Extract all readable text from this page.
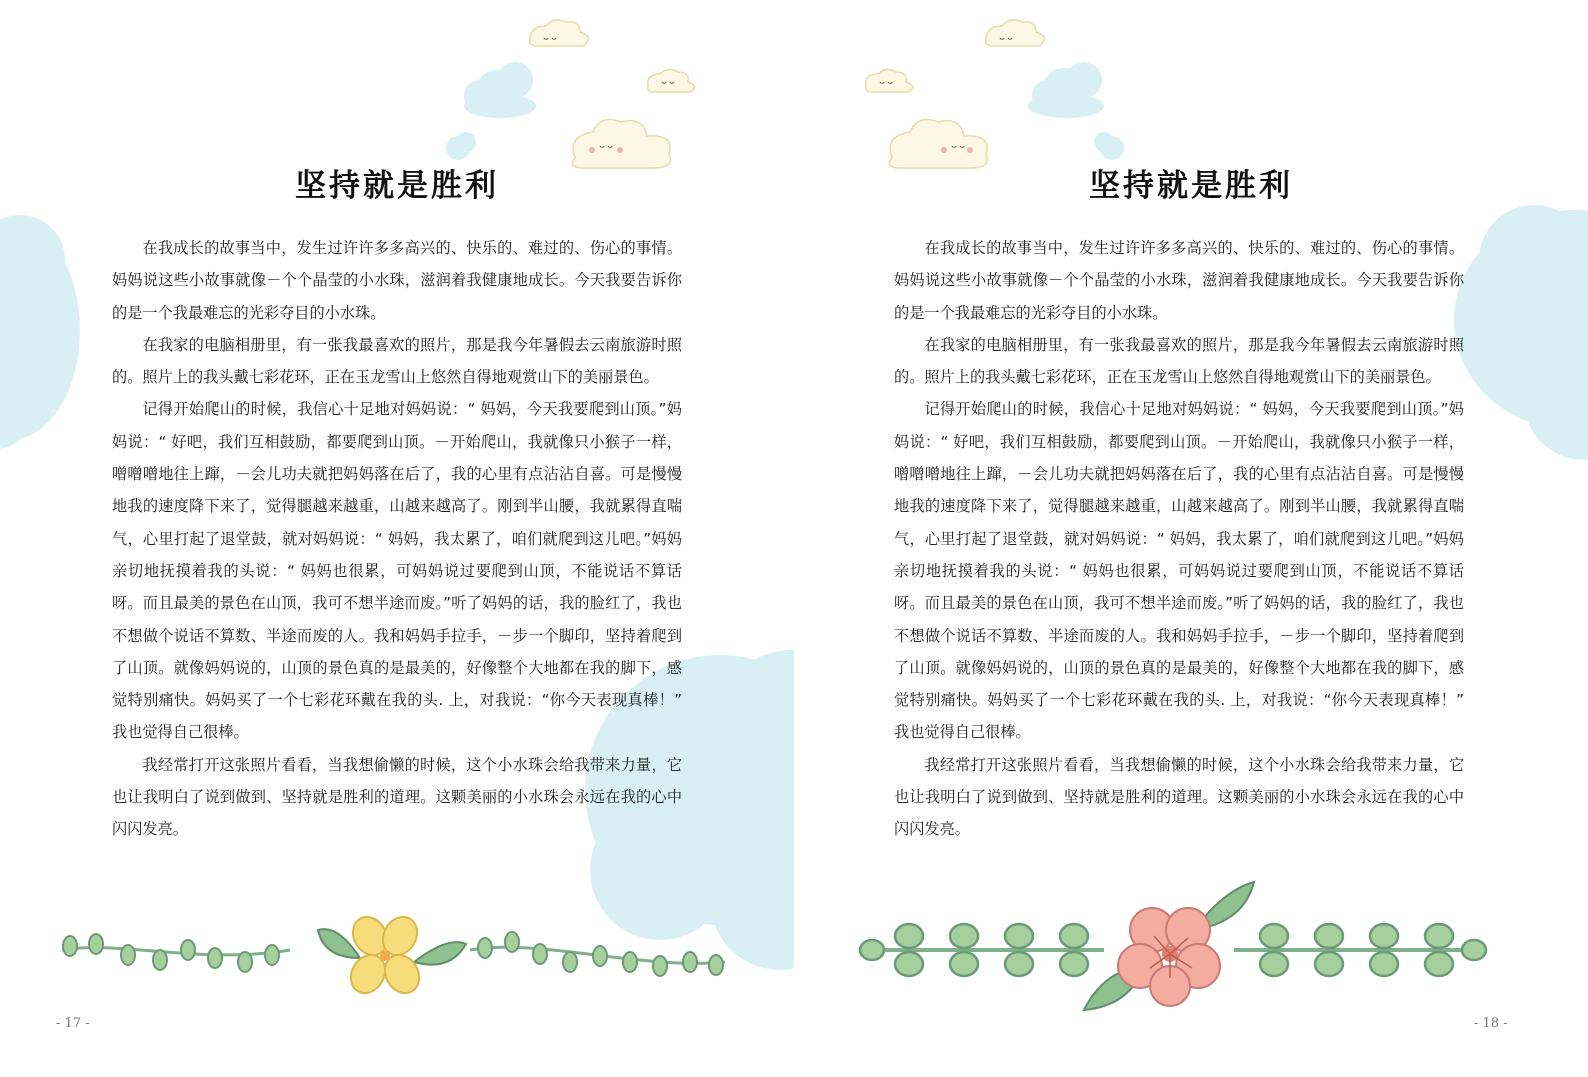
坚持就是胜利

在我成长的故事当中，发生过许许多多高兴的、快乐的、难过的、伤心的事情。妈妈说这些小故事就像－个个晶莹的小水珠，滋润着我健康地成长。今天我要告诉你的是一个我最难忘的光彩夺目的小水珠。

在我家的电脑相册里，有一张我最喜欢的照片，那是我今年暑假去云南旅游时照的。照片上的我头戴七彩花环，正在玉龙雪山上悠然自得地观赏山下的美丽景色。

记得开始爬山的时候，我信心十足地对妈妈说：“ 妈妈，今天我要爬到山顶。”妈妈说：“ 好吧，我们互相鼓励，都要爬到山顶。－开始爬山，我就像只小猴子一样，噌噌噌地往上蹿，－会儿功夫就把妈妈落在后了，我的心里有点沾沾自喜。可是慢慢地我的速度降下来了，觉得腿越来越重，山越来越高了。刚到半山腰，我就累得直喘气，心里打起了退堂鼓，就对妈妈说：“ 妈妈，我太累了，咱们就爬到这儿吧。”妈妈亲切地抚摸着我的头说：“ 妈妈也很累，可妈妈说过要爬到山顶，不能说话不算话呀。而且最美的景色在山顶，我可不想半途而废。”听了妈妈的话，我的脸红了，我也不想做个说话不算数、半途而废的人。我和妈妈手拉手，－步一个脚印，坚持着爬到了山顶。就像妈妈说的，山顶的景色真的是最美的，好像整个大地都在我的脚下，感觉特别痛快。妈妈买了一个七彩花环戴在我的头. 上，对我说：“你今天表现真棒！” 我也觉得自己很棒。

我经常打开这张照片看看，当我想偷懒的时候，这个小水珠会给我带来力量，它也让我明白了说到做到、坚持就是胜利的道理。这颗美丽的小水珠会永远在我的心中闪闪发亮。

- 17 -
坚持就是胜利

在我成长的故事当中，发生过许许多多高兴的、快乐的、难过的、伤心的事情。妈妈说这些小故事就像－个个晶莹的小水珠，滋润着我健康地成长。今天我要告诉你的是一个我最难忘的光彩夺目的小水珠。

在我家的电脑相册里，有一张我最喜欢的照片，那是我今年暑假去云南旅游时照的。照片上的我头戴七彩花环，正在玉龙雪山上悠然自得地观赏山下的美丽景色。

记得开始爬山的时候，我信心十足地对妈妈说：“ 妈妈，今天我要爬到山顶。”妈妈说：“ 好吧，我们互相鼓励，都要爬到山顶。－开始爬山，我就像只小猴子一样，噌噌噌地往上蹿，－会儿功夫就把妈妈落在后了，我的心里有点沾沾自喜。可是慢慢地我的速度降下来了，觉得腿越来越重，山越来越高了。刚到半山腰，我就累得直喘气，心里打起了退堂鼓，就对妈妈说：“ 妈妈，我太累了，咱们就爬到这儿吧。”妈妈亲切地抚摸着我的头说：“ 妈妈也很累，可妈妈说过要爬到山顶，不能说话不算话呀。而且最美的景色在山顶，我可不想半途而废。”听了妈妈的话，我的脸红了，我也不想做个说话不算数、半途而废的人。我和妈妈手拉手，－步一个脚印，坚持着爬到了山顶。就像妈妈说的，山顶的景色真的是最美的，好像整个大地都在我的脚下，感觉特别痛快。妈妈买了一个七彩花环戴在我的头. 上，对我说：“你今天表现真棒！” 我也觉得自己很棒。

我经常打开这张照片看看，当我想偷懒的时候，这个小水珠会给我带来力量，它也让我明白了说到做到、坚持就是胜利的道理。这颗美丽的小水珠会永远在我的心中闪闪发亮。

- 18 -
